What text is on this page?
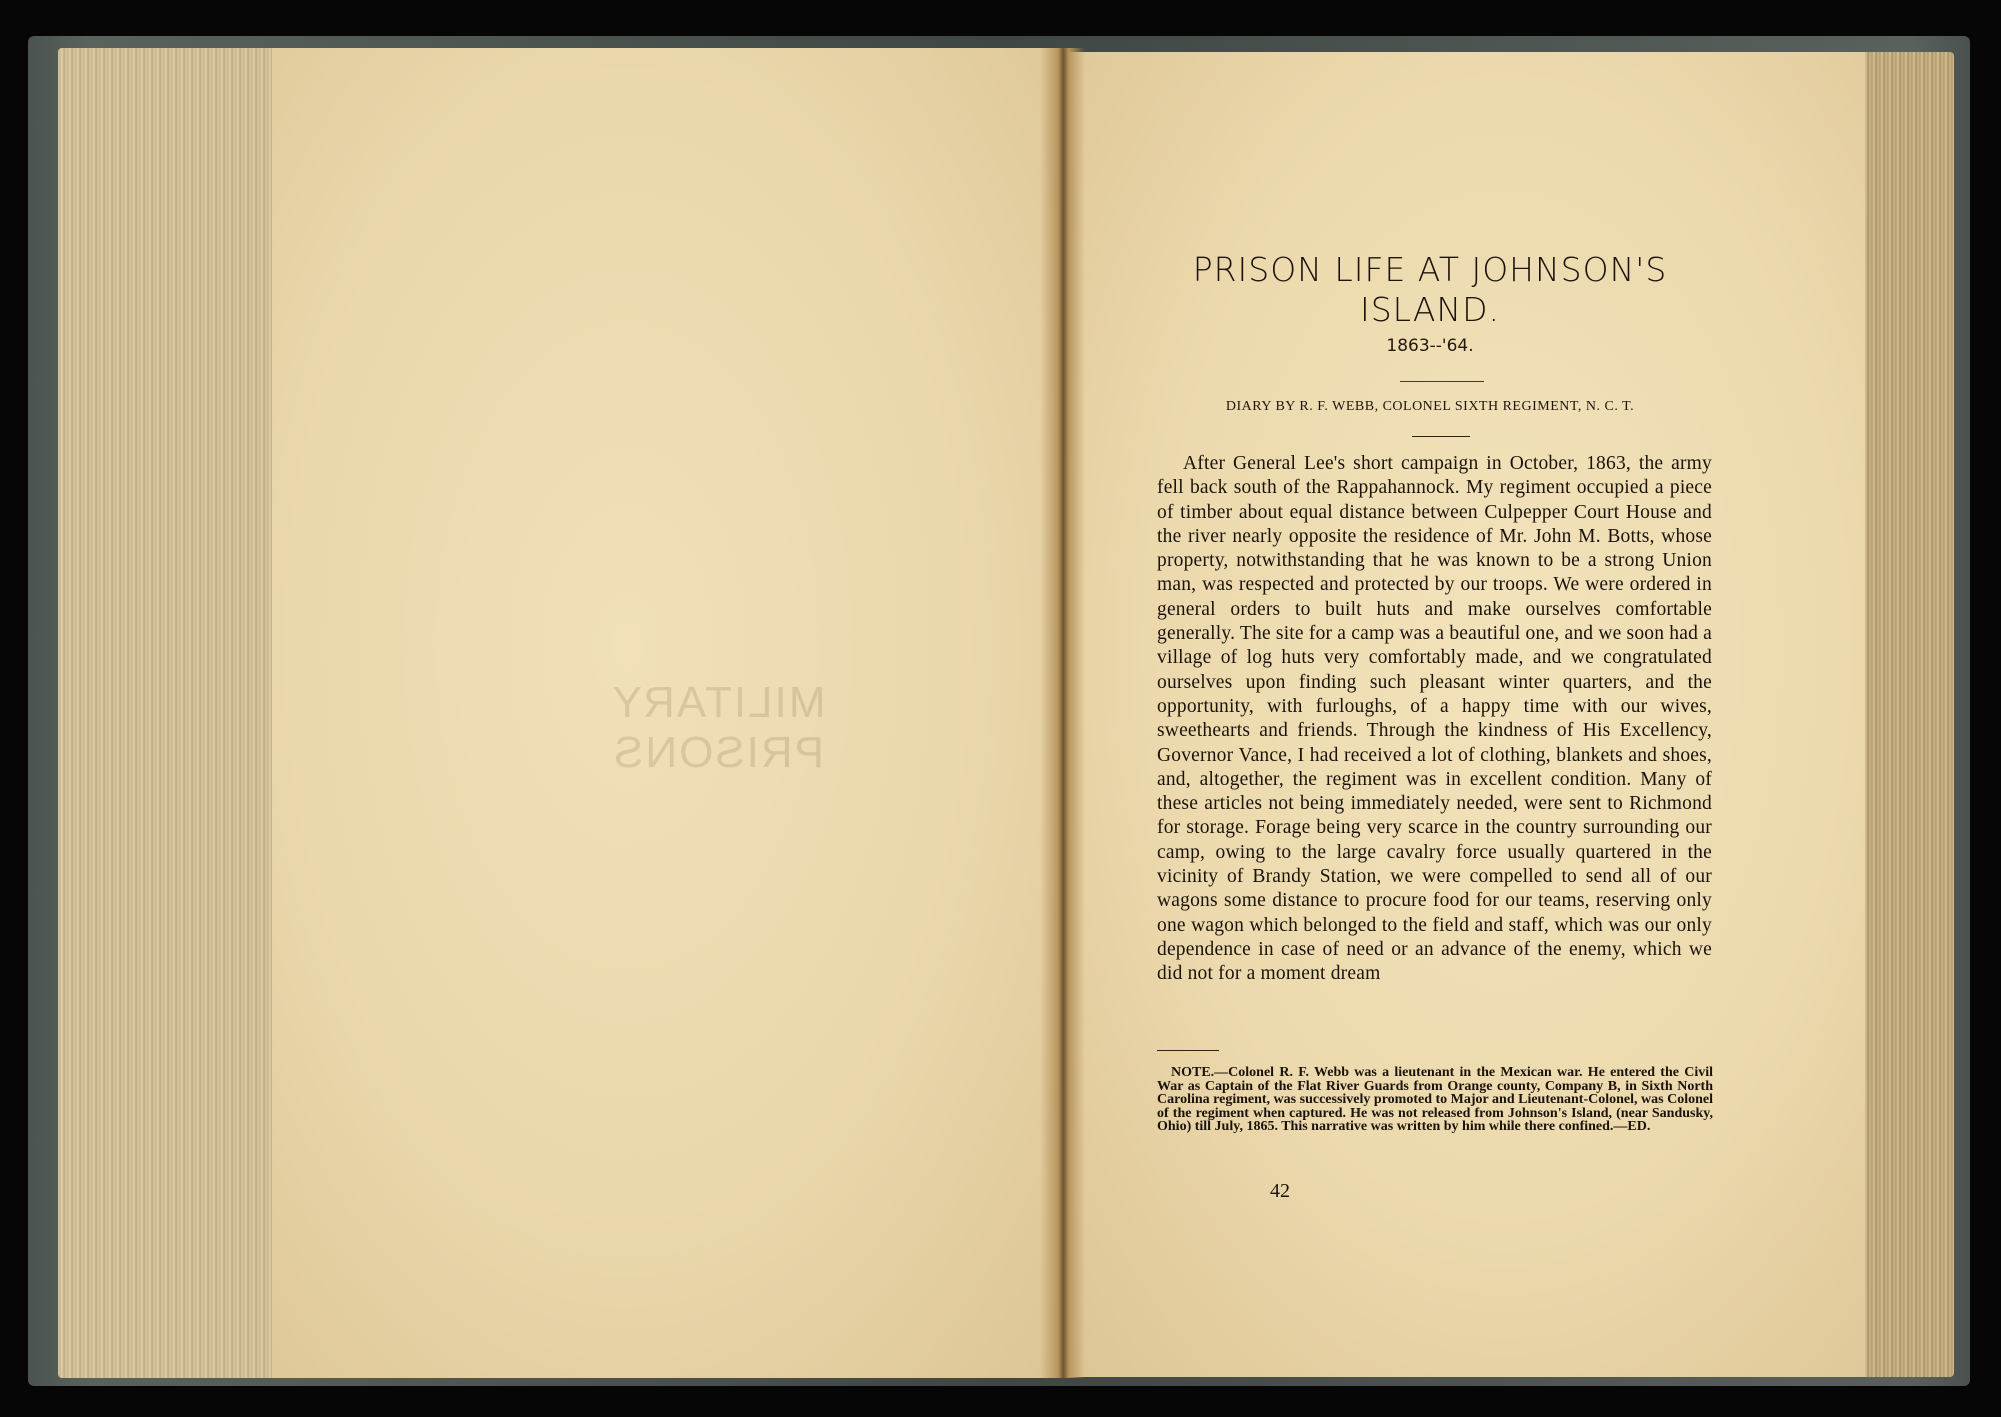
MILITARY PRISONS
PRISON LIFE AT JOHNSON'S
ISLAND.
1863--'64.
DIARY BY R. F. WEBB, COLONEL SIXTH REGIMENT, N. C. T.
After General Lee's short campaign in October, 1863, the army fell back south of the Rappahannock. My regiment occupied a piece of timber about equal distance between Culpepper Court House and the river nearly opposite the residence of Mr. John M. Botts, whose property, notwithstanding that he was known to be a strong Union man, was respected and protected by our troops. We were ordered in general orders to built huts and make ourselves comfortable generally. The site for a camp was a beautiful one, and we soon had a village of log huts very comfortably made, and we congratulated ourselves upon finding such pleasant winter quarters, and the opportunity, with furloughs, of a happy time with our wives, sweethearts and friends. Through the kindness of His Excellency, Governor Vance, I had received a lot of clothing, blankets and shoes, and, altogether, the regiment was in excellent condition. Many of these articles not being immediately needed, were sent to Richmond for storage. Forage being very scarce in the country surrounding our camp, owing to the large cavalry force usually quartered in the vicinity of Brandy Station, we were compelled to send all of our wagons some distance to procure food for our teams, reserving only one wagon which belonged to the field and staff, which was our only dependence in case of need or an advance of the enemy, which we did not for a moment dream
NOTE.—Colonel R. F. Webb was a lieutenant in the Mexican war. He entered the Civil War as Captain of the Flat River Guards from Orange county, Company B, in Sixth North Carolina regiment, was successively promoted to Major and Lieutenant-Colonel, was Colonel of the regiment when captured. He was not released from Johnson's Island, (near Sandusky, Ohio) till July, 1865. This narrative was written by him while there confined.—ED.
42
